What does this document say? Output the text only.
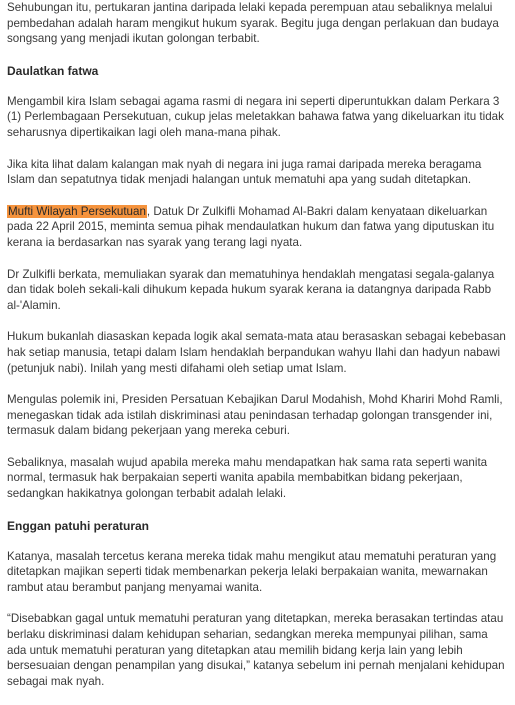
Sehubungan itu, pertukaran jantina daripada lelaki kepada perempuan atau sebaliknya melalui pembedahan adalah haram mengikut hukum syarak. Begitu juga dengan perlakuan dan budaya songsang yang menjadi ikutan golongan terbabit.

Daulatkan fatwa

Mengambil kira Islam sebagai agama rasmi di negara ini seperti diperuntukkan dalam Perkara 3 (1) Perlembagaan Persekutuan, cukup jelas meletakkan bahawa fatwa yang dikeluarkan itu tidak seharusnya dipertikaikan lagi oleh mana-mana pihak.

Jika kita lihat dalam kalangan mak nyah di negara ini juga ramai daripada mereka beragama Islam dan sepatutnya tidak menjadi halangan untuk mematuhi apa yang sudah ditetapkan.

Mufti Wilayah Persekutuan, Datuk Dr Zulkifli Mohamad Al-Bakri dalam kenyataan dikeluarkan pada 22 April 2015, meminta semua pihak mendaulatkan hukum dan fatwa yang diputuskan itu kerana ia berdasarkan nas syarak yang terang lagi nyata.

Dr Zulkifli berkata, memuliakan syarak dan mematuhinya hendaklah mengatasi segala-galanya dan tidak boleh sekali-kali dihukum kepada hukum syarak kerana ia datangnya daripada Rabb al-'Alamin.

Hukum bukanlah diasaskan kepada logik akal semata-mata atau berasaskan sebagai kebebasan hak setiap manusia, tetapi dalam Islam hendaklah berpandukan wahyu Ilahi dan hadyun nabawi (petunjuk nabi). Inilah yang mesti difahami oleh setiap umat Islam.

Mengulas polemik ini, Presiden Persatuan Kebajikan Darul Modahish, Mohd Khariri Mohd Ramli, menegaskan tidak ada istilah diskriminasi atau penindasan terhadap golongan transgender ini, termasuk dalam bidang pekerjaan yang mereka ceburi.

Sebaliknya, masalah wujud apabila mereka mahu mendapatkan hak sama rata seperti wanita normal, termasuk hak berpakaian seperti wanita apabila membabitkan bidang pekerjaan, sedangkan hakikatnya golongan terbabit adalah lelaki.

Enggan patuhi peraturan

Katanya, masalah tercetus kerana mereka tidak mahu mengikut atau mematuhi peraturan yang ditetapkan majikan seperti tidak membenarkan pekerja lelaki berpakaian wanita, mewarnakan rambut atau berambut panjang menyamai wanita.

“Disebabkan gagal untuk mematuhi peraturan yang ditetapkan, mereka berasakan tertindas atau berlaku diskriminasi dalam kehidupan seharian, sedangkan mereka mempunyai pilihan, sama ada untuk mematuhi peraturan yang ditetapkan atau memilih bidang kerja lain yang lebih bersesuaian dengan penampilan yang disukai,” katanya sebelum ini pernah menjalani kehidupan sebagai mak nyah.
